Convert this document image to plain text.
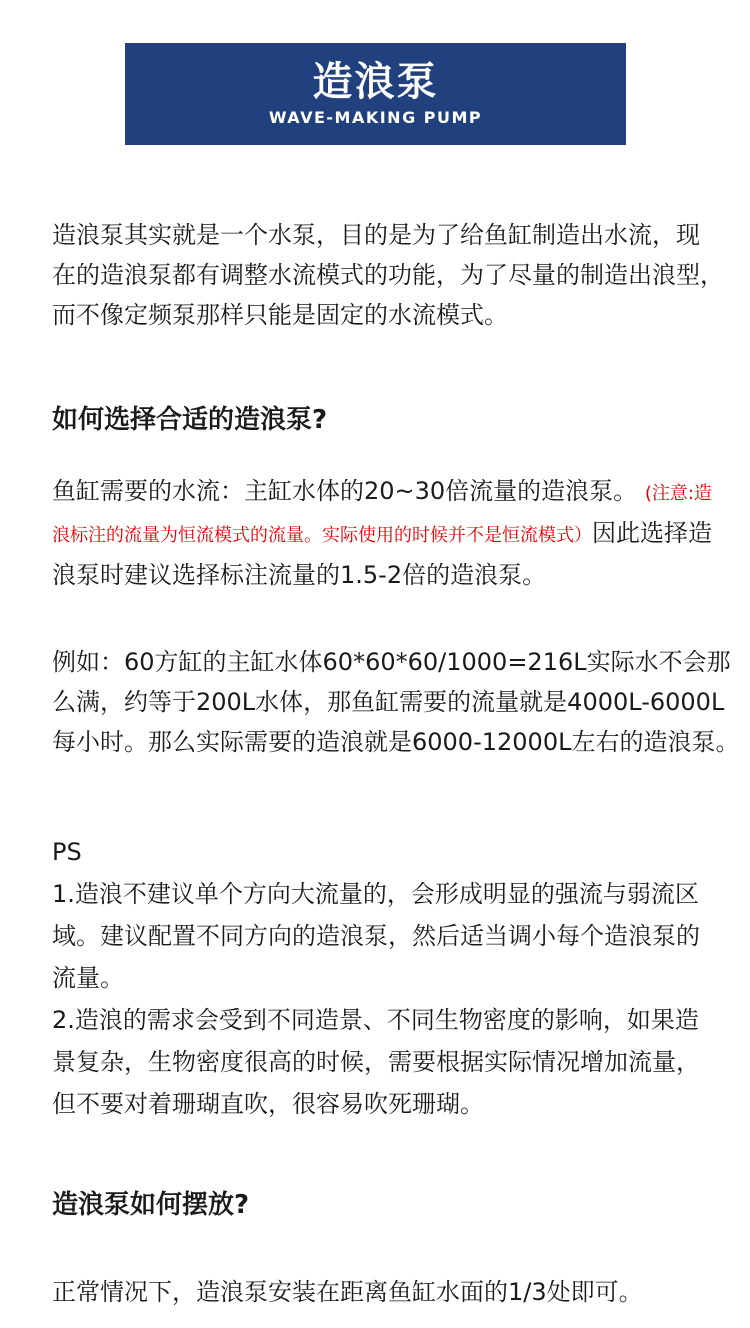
造浪泵
WAVE-MAKING PUMP
造浪泵其实就是一个水泵，目的是为了给鱼缸制造出水流，现
在的造浪泵都有调整水流模式的功能，为了尽量的制造出浪型，
而不像定频泵那样只能是固定的水流模式。
如何选择合适的造浪泵?
鱼缸需要的水流：主缸水体的20~30倍流量的造浪泵。 (注意:造
浪标注的流量为恒流模式的流量。实际使用的时候并不是恒流模式）因此选择造
浪泵时建议选择标注流量的1.5-2倍的造浪泵。
例如：60方缸的主缸水体60*60*60/1000=216L实际水不会那
么满，约等于200L水体，那鱼缸需要的流量就是4000L-6000L
每小时。那么实际需要的造浪就是6000-12000L左右的造浪泵。
PS
1.造浪不建议单个方向大流量的，会形成明显的强流与弱流区
域。建议配置不同方向的造浪泵，然后适当调小每个造浪泵的
流量。
2.造浪的需求会受到不同造景、不同生物密度的影响，如果造
景复杂，生物密度很高的时候，需要根据实际情况增加流量，
但不要对着珊瑚直吹，很容易吹死珊瑚。
造浪泵如何摆放?
正常情况下，造浪泵安装在距离鱼缸水面的1/3处即可。
